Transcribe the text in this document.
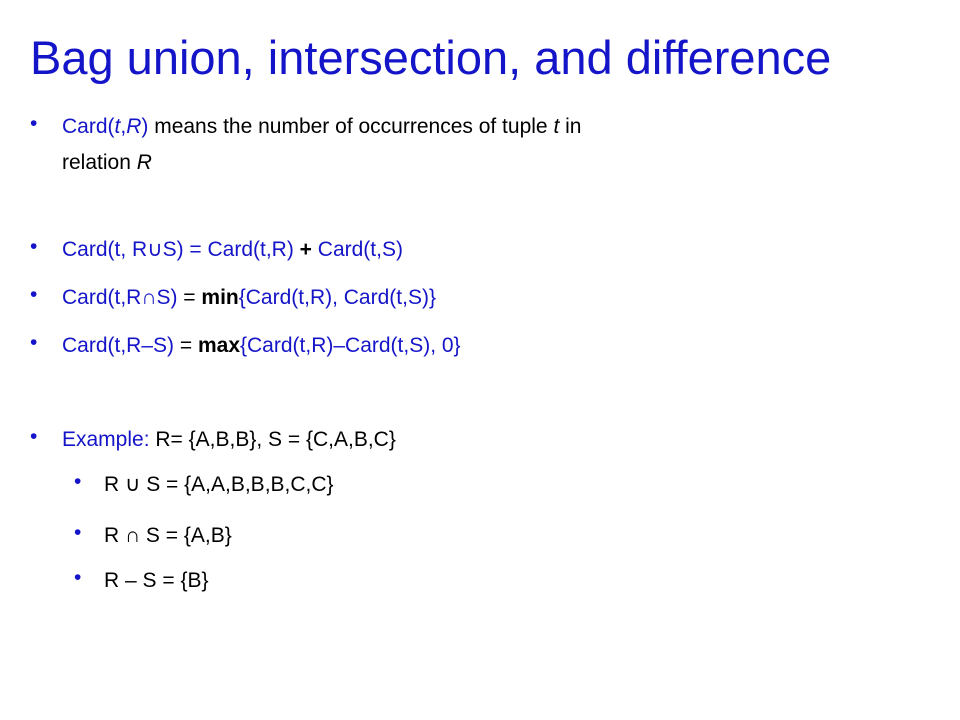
Bag union, intersection, and difference
• Card(t,R) means the number of occurrences of tuple t in
relation R
• Card(t, R∪S) = Card(t,R) + Card(t,S)
• Card(t,R∩S) = min{Card(t,R), Card(t,S)}
• Card(t,R–S) = max{Card(t,R)–Card(t,S), 0}
• Example: R= {A,B,B}, S = {C,A,B,C}
• R ∪ S = {A,A,B,B,B,C,C}
• R ∩ S = {A,B}
• R – S = {B}
